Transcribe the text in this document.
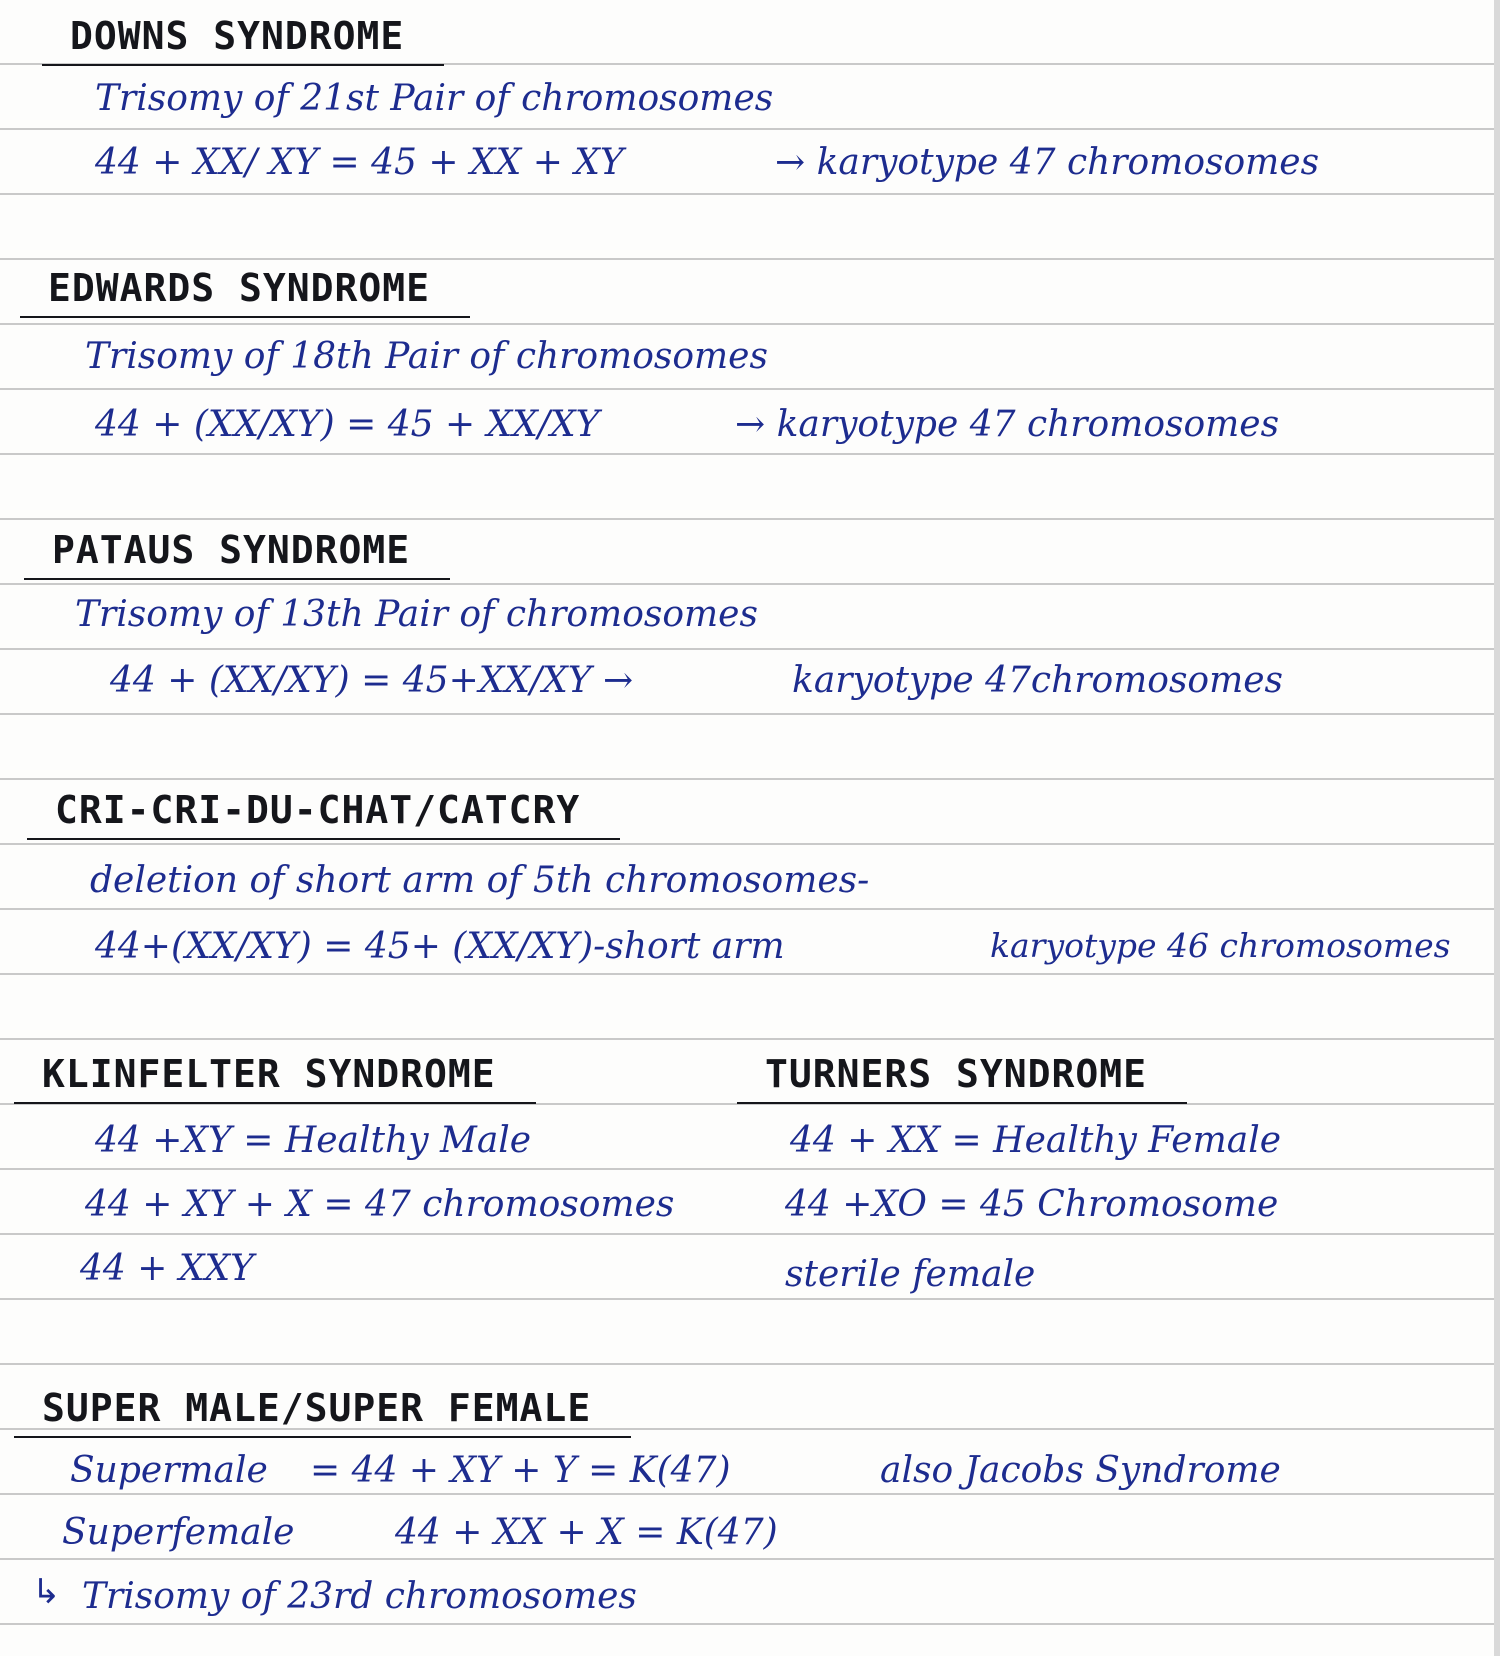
DOWNS SYNDROME
Trisomy of 21st Pair of chromosomes
44 + XX/ XY = 45 + XX + XY	→ karyotype 47 chromosomes
EDWARDS SYNDROME
Trisomy of 18th Pair of chromosomes
44 + (XX/XY) = 45 + XX/XY	→ karyotype 47 chromosomes
PATAUS SYNDROME
Trisomy of 13th Pair of chromosomes
44 + (XX/XY) = 45+XX/XY →	karyotype 47chromosomes
CRI-CRI-DU-CHAT/CATCRY
deletion of short arm of 5th chromosomes-
44+(XX/XY) = 45+ (XX/XY)-short arm	karyotype 46 chromosomes
KLINFELTER SYNDROME
44 +XY = Healthy Male
44 + XY + X = 47 chromosomes
44 + XXY
TURNERS SYNDROME
44 + XX = Healthy Female
44 +XO = 45 Chromosome
sterile female
SUPER MALE/SUPER FEMALE
Supermale = 44 + XY + Y = K(47)	also Jacobs Syndrome
Superfemale	44 + XX + X = K(47)
↳ Trisomy of 23rd chromosomes
